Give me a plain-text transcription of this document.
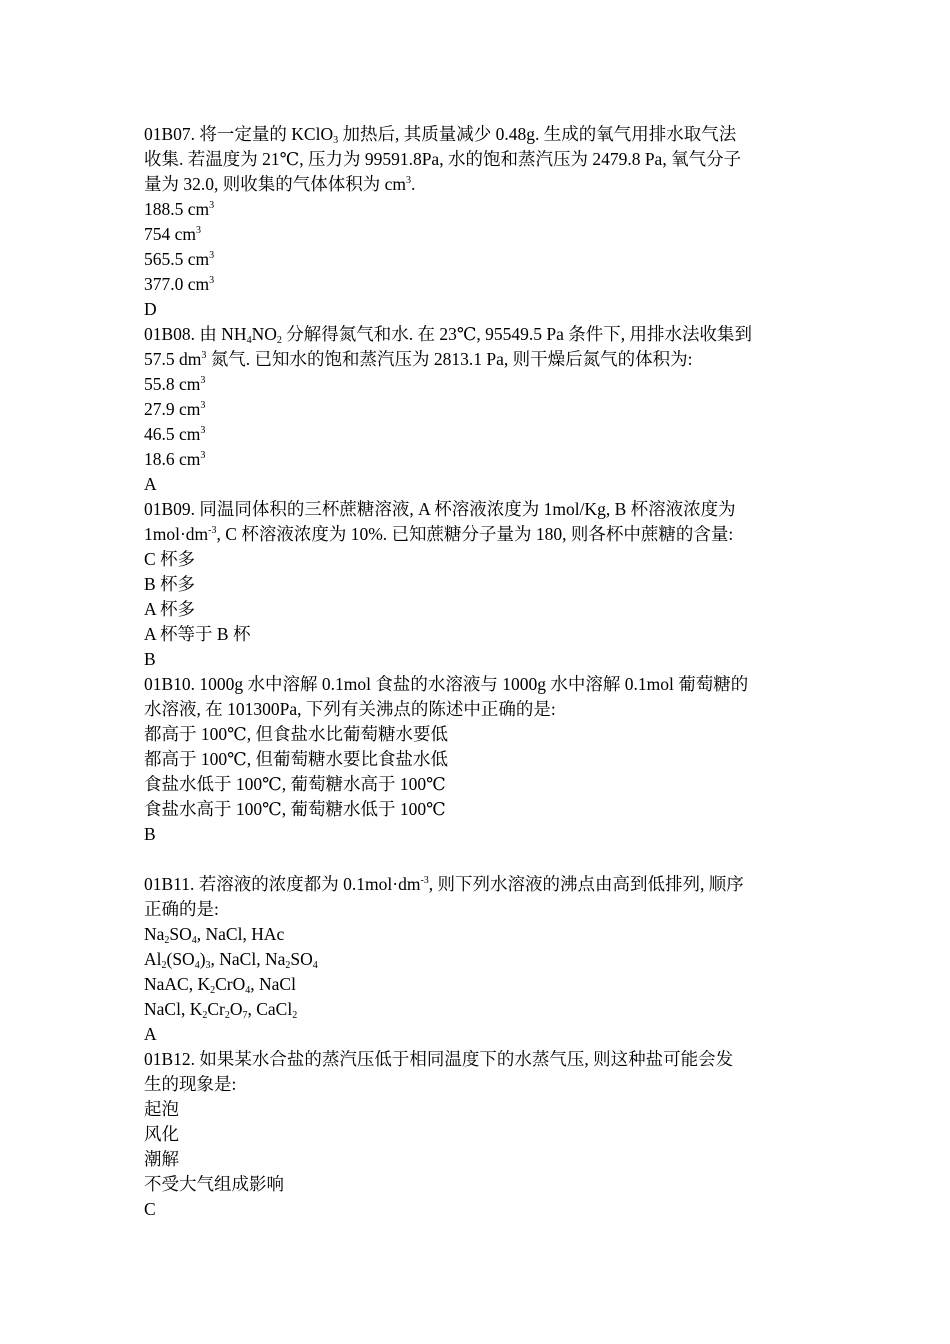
01B07. 将一定量的 KClO$_3$ 加热后, 其质量减少 0.48g. 生成的氧气用排水取气法
收集. 若温度为 21℃, 压力为 99591.8Pa, 水的饱和蒸汽压为 2479.8 Pa, 氧气分子
量为 32.0, 则收集的气体体积为 $cm^3$.
188.5 $cm^3$
754 $cm^3$
565.5 $cm^3$
377.0 $cm^3$
D
01B08. 由 $NH_4NO_2$ 分解得氮气和水. 在 23℃, 95549.5 Pa 条件下, 用排水法收集到
57.5 $dm^3$ 氮气. 已知水的饱和蒸汽压为 2813.1 Pa, 则干燥后氮气的体积为:
55.8 $cm^3$
27.9 $cm^3$
46.5 $cm^3$
18.6 $cm^3$
A
01B09. 同温同体积的三杯蔗糖溶液, A 杯溶液浓度为 1mol/Kg, B 杯溶液浓度为
$1mol\cdot dm^{-3}$, C 杯溶液浓度为 10%. 已知蔗糖分子量为 180, 则各杯中蔗糖的含量:
C 杯多
B 杯多
A 杯多
A 杯等于 B 杯
B
01B10. 1000g 水中溶解 0.1mol 食盐的水溶液与 1000g 水中溶解 0.1mol 葡萄糖的
水溶液, 在 101300Pa, 下列有关沸点的陈述中正确的是:
都高于 100℃, 但食盐水比葡萄糖水要低
都高于 100℃, 但葡萄糖水要比食盐水低
食盐水低于 100℃, 葡萄糖水高于 100℃
食盐水高于 100℃, 葡萄糖水低于 100℃
B
01B11. 若溶液的浓度都为 $0.1mol\cdot dm^{-3}$, 则下列水溶液的沸点由高到低排列, 顺序
正确的是:
$Na_2SO_4$, NaCl, HAc
$Al_2(SO_4)_3$, NaCl, $Na_2SO_4$
NaAC, $K_2CrO_4$, NaCl
NaCl, $K_2Cr_2O_7$, CaCl$_2$
A
01B12. 如果某水合盐的蒸汽压低于相同温度下的水蒸气压, 则这种盐可能会发
生的现象是:
起泡
风化
潮解
不受大气组成影响
C
